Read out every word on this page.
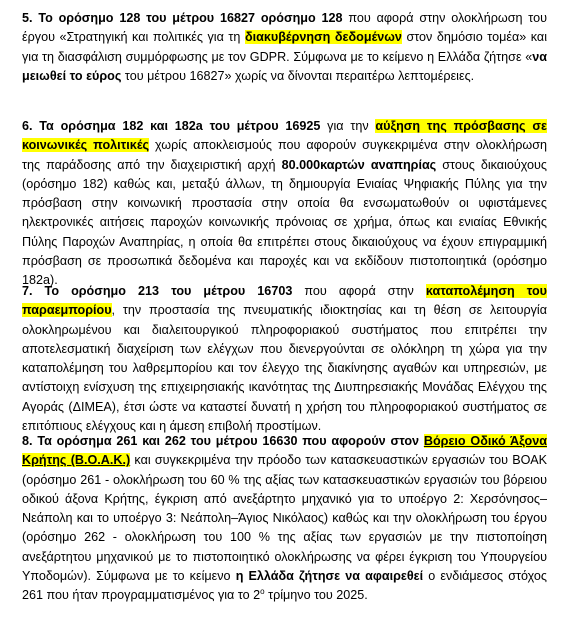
5. Το ορόσημο 128 του μέτρου 16827 ορόσημο 128 που αφορά στην ολοκλήρωση του έργου «Στρατηγική και πολιτικές για τη διακυβέρνηση δεδομένων στον δημόσιο τομέα» και για τη διασφάλιση συμμόρφωσης με τον GDPR. Σύμφωνα με το κείμενο η Ελλάδα ζήτησε «να μειωθεί το εύρος του μέτρου 16827» χωρίς να δίνονται περαιτέρω λεπτομέρειες.

6. Τα ορόσημα 182 και 182a του μέτρου 16925 για την αύξηση της πρόσβασης σε κοινωνικές πολιτικές χωρίς αποκλεισμούς που αφορούν συγκεκριμένα στην ολοκλήρωση της παράδοσης από την διαχειριστική αρχή 80.000καρτών αναπηρίας στους δικαιούχους (ορόσημο 182) καθώς και, μεταξύ άλλων, τη δημιουργία Ενιαίας Ψηφιακής Πύλης για την πρόσβαση στην κοινωνική προστασία στην οποία θα ενσωματωθούν οι υφιστάμενες ηλεκτρονικές αιτήσεις παροχών κοινωνικής πρόνοιας σε χρήμα, όπως και ενιαίας Εθνικής Πύλης Παροχών Αναπηρίας, η οποία θα επιτρέπει στους δικαιούχους να έχουν επιγραμμική πρόσβαση σε προσωπικά δεδομένα και παροχές και να εκδίδουν πιστοποιητικά (ορόσημο 182a).

7. Το ορόσημο 213 του μέτρου 16703 που αφορά στην καταπολέμηση του παραεμπορίου, την προστασία της πνευματικής ιδιοκτησίας και τη θέση σε λειτουργία ολοκληρωμένου και διαλειτουργικού πληροφοριακού συστήματος που επιτρέπει την αποτελεσματική διαχείριση των ελέγχων που διενεργούνται σε ολόκληρη τη χώρα για την καταπολέμηση του λαθρεμπορίου και τον έλεγχο της διακίνησης αγαθών και υπηρεσιών, με αντίστοιχη ενίσχυση της επιχειρησιακής ικανότητας της Διυπηρεσιακής Μονάδας Ελέγχου της Αγοράς (ΔΙΜΕΑ), έτσι ώστε να καταστεί δυνατή η χρήση του πληροφοριακού συστήματος σε επιτόπιους ελέγχους και η άμεση επιβολή προστίμων.

8. Τα ορόσημα 261 και 262 του μέτρου 16630 που αφορούν στον Βόρειο Οδικό Άξονα Κρήτης (Β.Ο.Α.Κ.) και συγκεκριμένα την πρόοδο των κατασκευαστικών εργασιών του ΒΟΑΚ (ορόσημο 261 - ολοκλήρωση του 60 % της αξίας των κατασκευαστικών εργασιών του βόρειου οδικού άξονα Κρήτης, έγκριση από ανεξάρτητο μηχανικό για το υποέργο 2: Χερσόνησος– Νεάπολη και το υποέργο 3: Νεάπολη–Άγιος Νικόλαος) καθώς και την ολοκλήρωση του έργου (ορόσημο 262 - ολοκλήρωση του 100 % της αξίας των εργασιών με την πιστοποίηση ανεξάρτητου μηχανικού με το πιστοποιητικό ολοκλήρωσης να φέρει έγκριση του Υπουργείου Υποδομών). Σύμφωνα με το κείμενο η Ελλάδα ζήτησε να αφαιρεθεί ο ενδιάμεσος στόχος 261 που ήταν προγραμματισμένος για το $2^o$ τρίμηνο του 2025.
